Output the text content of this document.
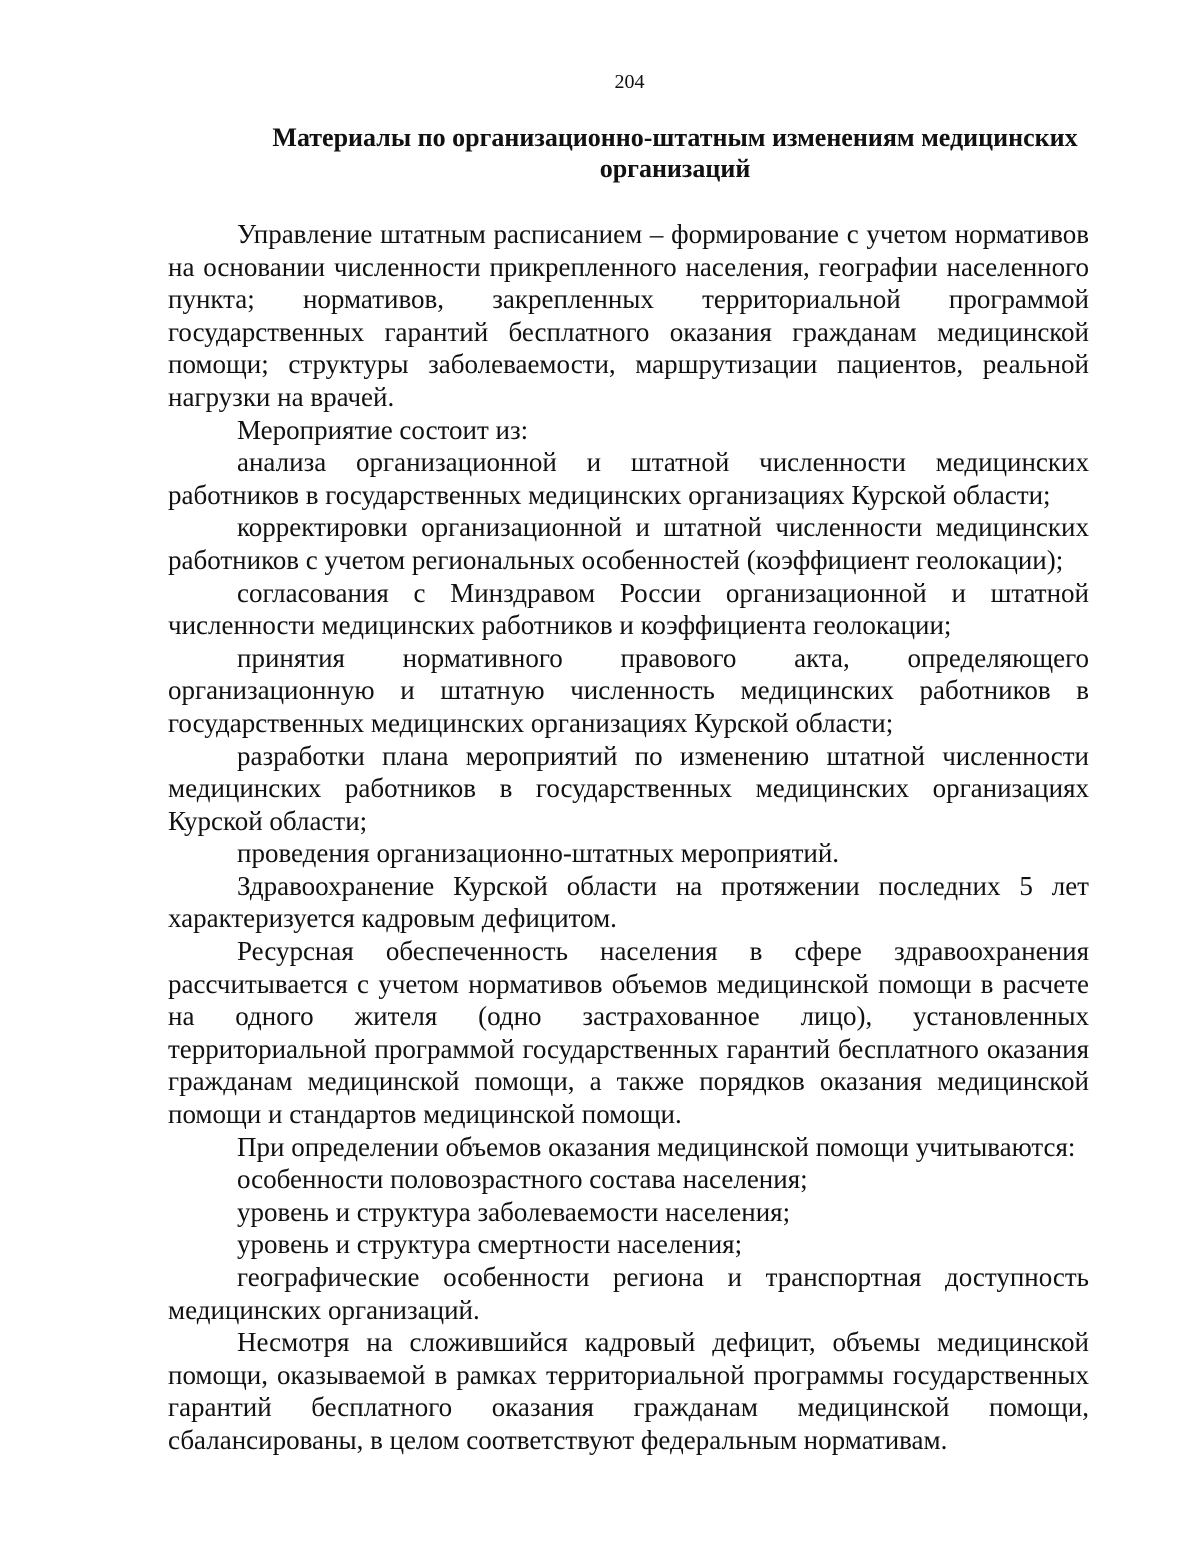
204
Материалы по организационно-штатным изменениям медицинских
организаций

Управление штатным расписанием – формирование с учетом нормативов на основании численности прикрепленного населения, географии населенного пункта; нормативов, закрепленных территориальной программой государственных гарантий бесплатного оказания гражданам медицинской помощи; структуры заболеваемости, маршрутизации пациентов, реальной нагрузки на врачей.

Мероприятие состоит из:

анализа организационной и штатной численности медицинских работников в государственных медицинских организациях Курской области;

корректировки организационной и штатной численности медицинских работников с учетом региональных особенностей (коэффициент геолокации);

согласования с Минздравом России организационной и штатной численности медицинских работников и коэффициента геолокации;

принятия нормативного правового акта, определяющего организационную и штатную численность медицинских работников в государственных медицинских организациях Курской области;

разработки плана мероприятий по изменению штатной численности медицинских работников в государственных медицинских организациях Курской области;

проведения организационно-штатных мероприятий.

Здравоохранение Курской области на протяжении последних 5 лет характеризуется кадровым дефицитом.

Ресурсная обеспеченность населения в сфере здравоохранения рассчитывается с учетом нормативов объемов медицинской помощи в расчете на одного жителя (одно застрахованное лицо), установленных территориальной программой государственных гарантий бесплатного оказания гражданам медицинской помощи, а также порядков оказания медицинской помощи и стандартов медицинской помощи.

При определении объемов оказания медицинской помощи учитываются:

особенности половозрастного состава населения;

уровень и структура заболеваемости населения;

уровень и структура смертности населения;

географические особенности региона и транспортная доступность медицинских организаций.

Несмотря на сложившийся кадровый дефицит, объемы медицинской помощи, оказываемой в рамках территориальной программы государственных гарантий бесплатного оказания гражданам медицинской помощи, сбалансированы, в целом соответствуют федеральным нормативам.
